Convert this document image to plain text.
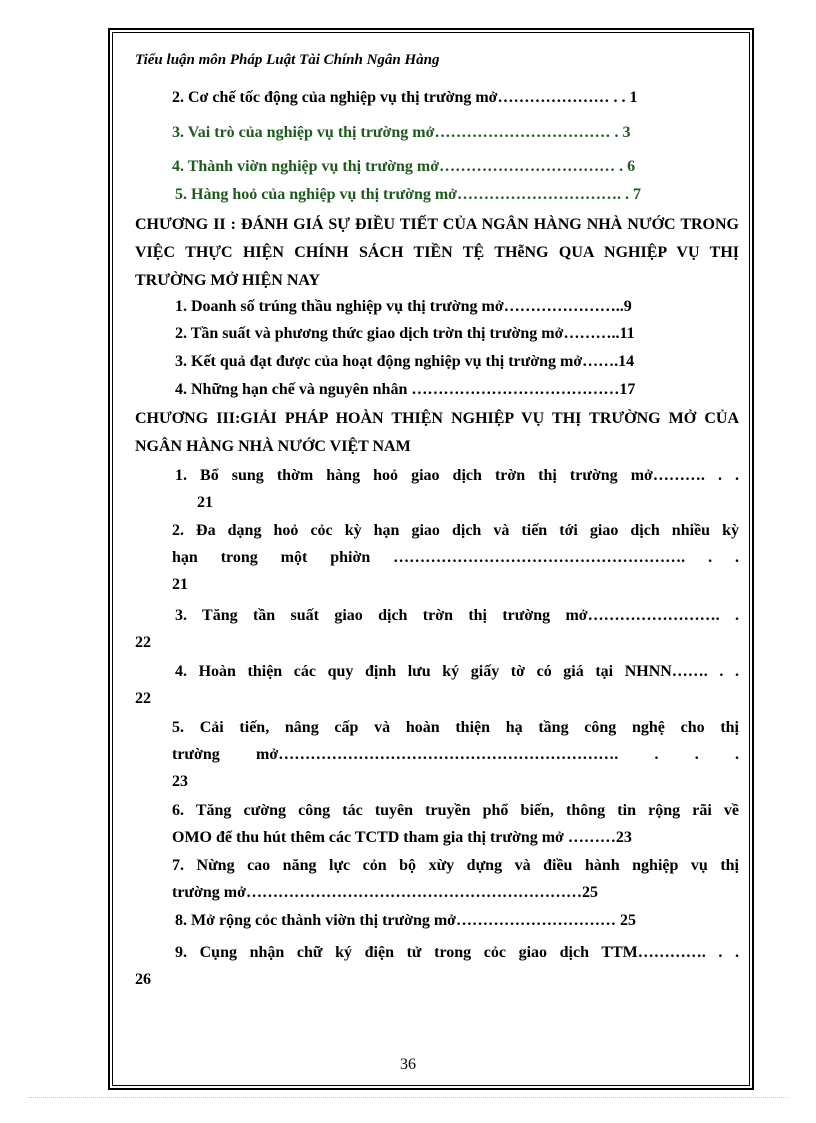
Tiểu luận môn Pháp Luật Tài Chính Ngân Hàng
2. Cơ chế tốc động của nghiệp vụ thị trường mở………………… . . 1
3. Vai trò của nghiệp vụ thị trường mở…………………………… . 3
4. Thành viờn nghiệp vụ thị trường mở…………………………… . 6
5. Hàng hoỏ của nghiệp vụ thị trường mở…………………………. . 7
CHƯƠNG II : ĐÁNH GIÁ SỰ ĐIỀU TIẾT CỦA NGÂN HÀNG NHÀ NƯỚC TRONG VIỆC THỰC HIỆN CHÍNH SÁCH TIỀN TỆ THễNG QUA NGHIỆP VỤ THỊ TRƯỜNG MỞ HIỆN NAY
1. Doanh số trúng thầu nghiệp vụ thị trường mở…………………..9
2. Tần suất và phương thức giao dịch trờn thị trường mở………..11
3. Kết quả đạt được của hoạt động nghiệp vụ thị trường mở…….14
4. Những hạn chế và nguyên nhân …………………………………17
CHƯƠNG III:GIẢI PHÁP HOÀN THIỆN NGHIỆP VỤ THỊ TRƯỜNG MỞ CỦA NGÂN HÀNG NHÀ NƯỚC VIỆT NAM
1. Bổ sung thờm hàng hoỏ giao dịch trờn thị trường mở………. . .
21
2. Đa dạng hoỏ cỏc kỳ hạn giao dịch và tiến tới giao dịch nhiều kỳ
hạn trong một phiờn ………………………………………………. . .
21
3. Tăng tần suất giao dịch trờn thị trường mở……………………. .
22
4. Hoàn thiện các quy định lưu ký giấy tờ có giá tại NHNN……. . .
22
5. Cải tiến, nâng cấp và hoàn thiện hạ tầng công nghệ cho thị
trường mở………………………………………………………. . . .
23
6. Tăng cường công tác tuyên truyền phổ biến, thông tin rộng rãi về
OMO để thu hút thêm các TCTD tham gia thị trường mở ………23
7. Nừng cao năng lực cỏn bộ xừy dựng và điều hành nghiệp vụ thị
trường mở………………………………………………………25
8. Mở rộng cỏc thành viờn thị trường mở………………………… 25
9. Cụng nhận chữ ký điện tử trong cỏc giao dịch TTM…………. . .
26
36
